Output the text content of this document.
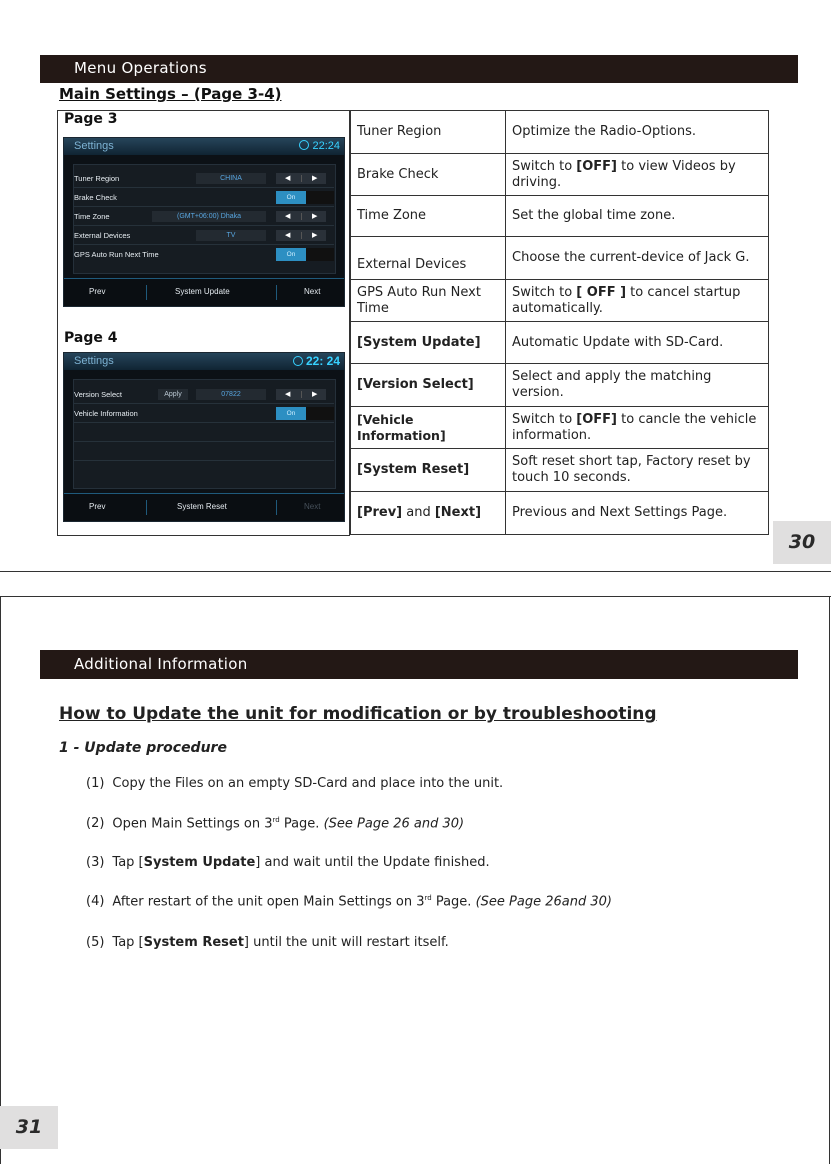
Menu Operations
Main Settings – (Page 3-4)
Page 3
Settings	22:24
Tuner Region	CHINA	◀	▶
Brake Check	On
Time Zone	(GMT+06:00) Dhaka	◀	▶
External Devices	TV	◀	▶
GPS Auto Run Next Time	On
Prev	System Update	Next
Page 4
Settings	22: 24
Version Select	Apply	07822	◀	▶
Vehicle Information	On
Prev	System Reset	Next
Tuner Region	Optimize the Radio-Options.
Brake Check	Switch to [OFF] to view Videos by driving.
Time Zone	Set the global time zone.
External Devices	Choose the current-device of Jack G.
GPS Auto Run Next Time	Switch to [ OFF ] to cancel startup automatically.
[System Update]	Automatic Update with SD-Card.
[Version Select]	Select and apply the matching version.
[Vehicle Information]	Switch to [OFF] to cancle the vehicle information.
[System Reset]	Soft reset short tap, Factory reset by touch 10 seconds.
[Prev] and [Next]	Previous and Next Settings Page.
30
Additional Information
How to Update the unit for modification or by troubleshooting
1 - Update procedure
(1) Copy the Files on an empty SD-Card and place into the unit.
(2) Open Main Settings on 3rd Page. (See Page 26 and 30)
(3) Tap [System Update] and wait until the Update finished.
(4) After restart of the unit open Main Settings on 3rd Page. (See Page 26and 30)
(5) Tap [System Reset] until the unit will restart itself.
31
